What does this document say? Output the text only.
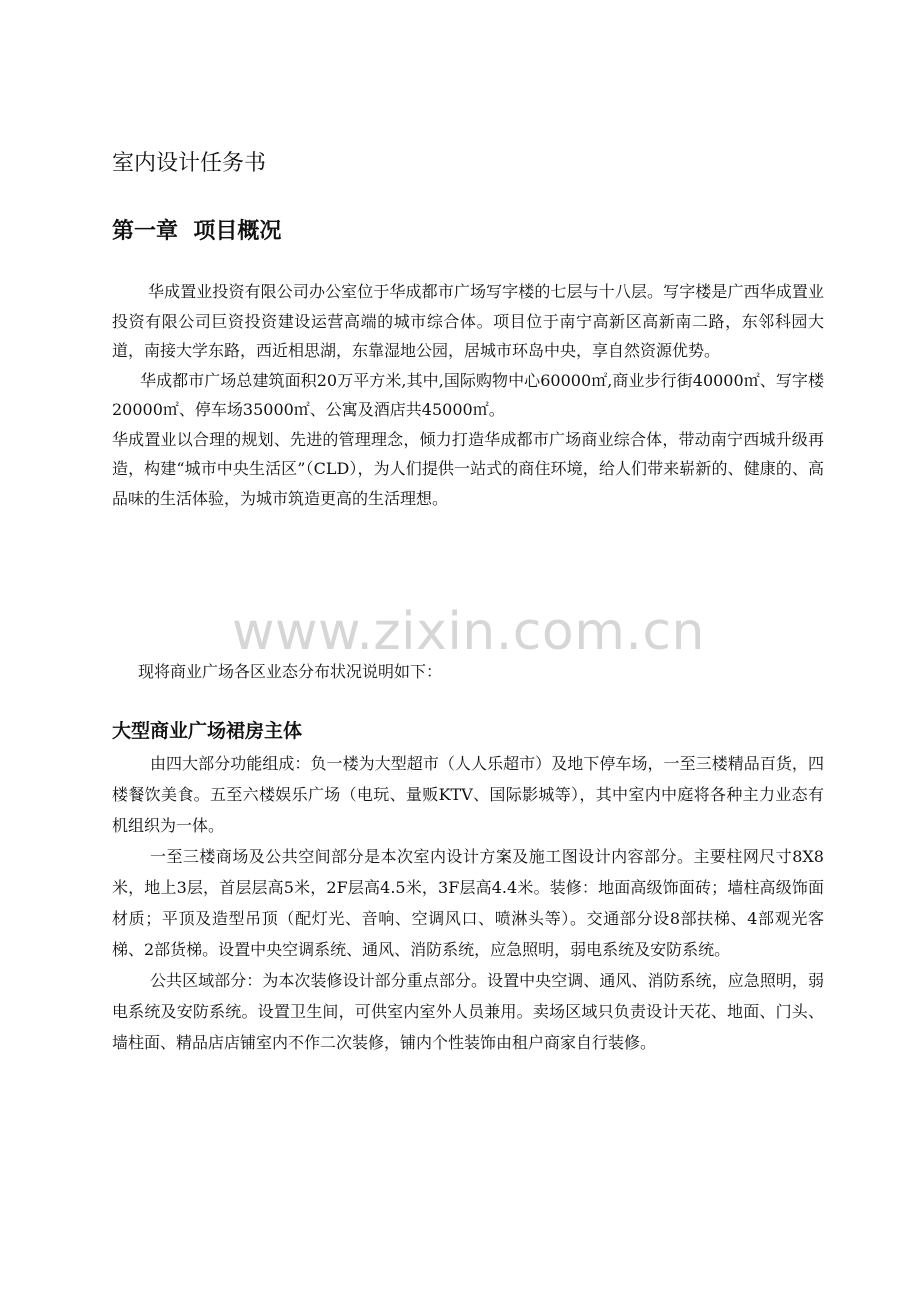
室内设计任务书
第一章  项目概况

华成置业投资有限公司办公室位于华成都市广场写字楼的七层与十八层。写字楼是广西华成置业投资有限公司巨资投资建设运营高端的城市综合体。项目位于南宁高新区高新南二路，东邻科园大道，南接大学东路，西近相思湖，东靠湿地公园，居城市环岛中央，享自然资源优势。

华成都市广场总建筑面积20万平方米,其中,国际购物中心60000㎡,商业步行街40000㎡、写字楼20000㎡、停车场35000㎡、公寓及酒店共45000㎡。

华成置业以合理的规划、先进的管理理念，倾力打造华成都市广场商业综合体，带动南宁西城升级再造，构建“城市中央生活区”（CLD），为人们提供一站式的商住环境，给人们带来崭新的、健康的、高品味的生活体验，为城市筑造更高的生活理想。

www.zixin.com.cn

现将商业广场各区业态分布状况说明如下：

大型商业广场裙房主体

由四大部分功能组成：负一楼为大型超市（人人乐超市）及地下停车场，一至三楼精品百货，四楼餐饮美食。五至六楼娱乐广场（电玩、量贩KTV、国际影城等），其中室内中庭将各种主力业态有机组织为一体。

一至三楼商场及公共空间部分是本次室内设计方案及施工图设计内容部分。主要柱网尺寸8X8米，地上3层，首层层高5米，2F层高4.5米，3F层高4.4米。装修：地面高级饰面砖；墙柱高级饰面材质；平顶及造型吊顶（配灯光、音响、空调风口、喷淋头等）。交通部分设8部扶梯、4部观光客梯、2部货梯。设置中央空调系统、通风、消防系统，应急照明，弱电系统及安防系统。

公共区域部分：为本次装修设计部分重点部分。设置中央空调、通风、消防系统，应急照明，弱电系统及安防系统。设置卫生间，可供室内室外人员兼用。卖场区域只负责设计天花、地面、门头、墙柱面、精品店店铺室内不作二次装修，铺内个性装饰由租户商家自行装修。
